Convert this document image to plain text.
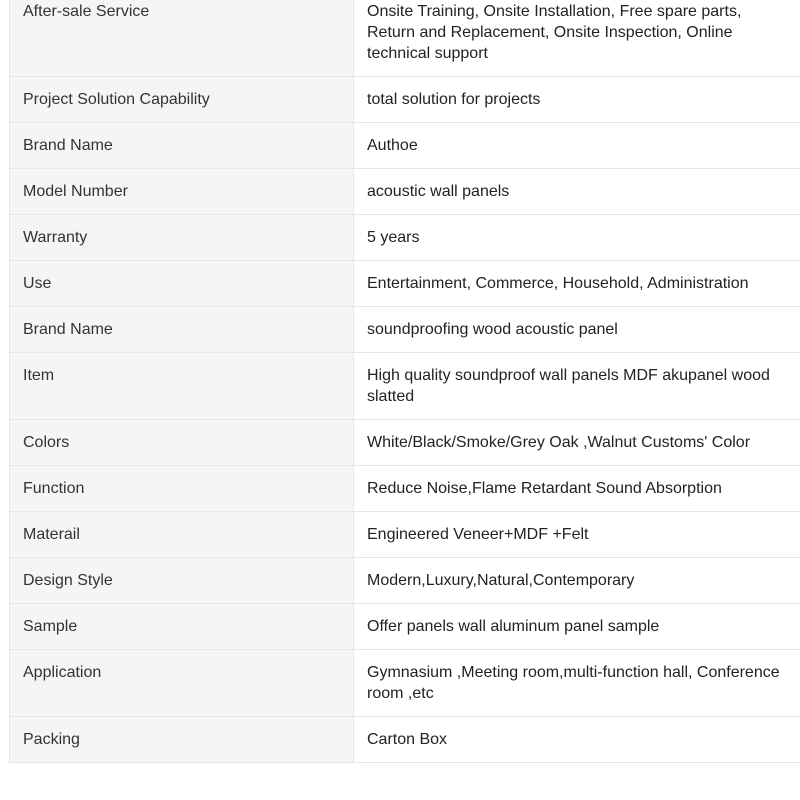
After-sale Service	Onsite Training, Onsite Installation, Free spare parts, Return and Replacement, Onsite Inspection, Online technical support
Project Solution Capability	total solution for projects
Brand Name	Authoe
Model Number	acoustic wall panels
Warranty	5 years
Use	Entertainment, Commerce, Household, Administration
Brand Name	soundproofing wood acoustic panel
Item	High quality soundproof wall panels MDF akupanel wood slatted
Colors	White/Black/Smoke/Grey Oak ,Walnut Customs' Color
Function	Reduce Noise,Flame Retardant Sound Absorption
Materail	Engineered Veneer+MDF +Felt
Design Style	Modern,Luxury,Natural,Contemporary
Sample	Offer panels wall aluminum panel sample
Application	Gymnasium ,Meeting room,multi-function hall, Conference room ,etc
Packing	Carton Box
